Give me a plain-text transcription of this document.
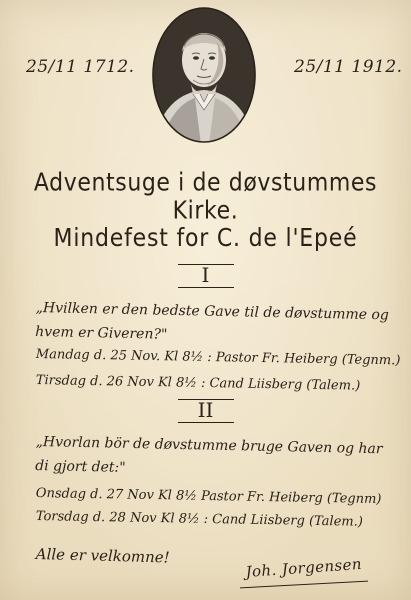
25/11 1712.	25/11 1912.
Adventsuge i de døvstummes Kirke.
Mindefest for C. de l'Epeé
I
„Hvilken er den bedste Gave til de døvstumme og hvem er Giveren?"
Mandag d. 25 Nov. Kl 8½ : Pastor Fr. Heiberg (Tegnm.)
Tirsdag d. 26 Nov Kl 8½ : Cand Liisberg (Talem.)
II
„Hvorlan bör de døvstumme bruge Gaven og har di gjort det:"
Onsdag d. 27 Nov Kl 8½ Pastor Fr. Heiberg (Tegnm)
Torsdag d. 28 Nov Kl 8½ : Cand Liisberg (Talem.)
Alle er velkomne!	Joh. Jorgensen
